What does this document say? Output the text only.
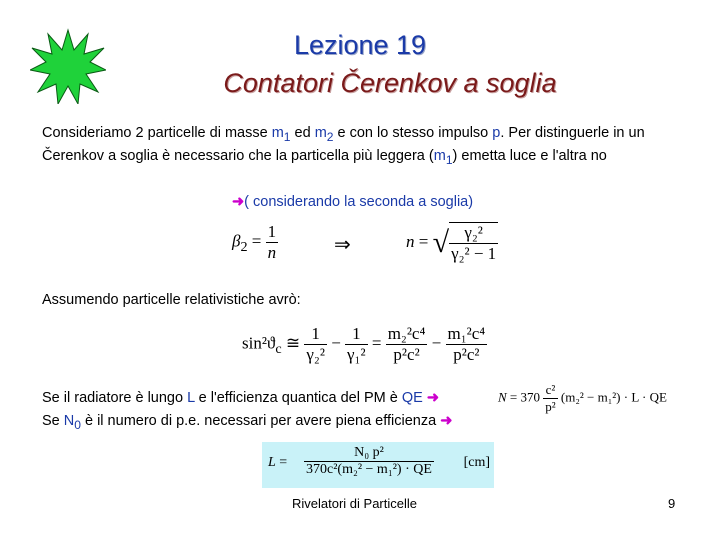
Lezione 19
Contatori Čerenkov a soglia
Consideriamo 2 particelle di masse $m_1$ ed $m_2$ e con lo stesso impulso p. Per distinguerle in un Čerenkov a soglia è necessario che la particella più leggera $(m_1)$ emetta luce e l'altra no
➜( considerando la seconda a soglia)
$\beta_2 = \frac{1}{n}$	⇒	n = √ $\frac{\text{γ₂²}}{\text{γ₂² − 1}}$
Assumendo particelle relativistiche avrò:
$\sin^2ϑ_c$ ≅ $\frac{1}{\text{γ₂²}} - \frac{1}{\text{γ₁²}} = \frac{\text{m₂²c⁴}}{\text{p²c²}} - \frac{\text{m₁²c⁴}}{\text{p²c²}}$
Se il radiatore è lungo L e l'efficienza quantica del PM è QE ➜
Se $N_0$ è il numero di p.e. necessari per avere piena efficienza ➜
$N = 370 \frac{\text{c²}}{\text{p²}} (m_2^2 - m_1^2) \cdot L$ · QE
$L = \frac{\text{N₀ p²}}{\text{370c²(m₂² − m₁²) · QE}} [cm]$
Rivelatori di Particelle	9
